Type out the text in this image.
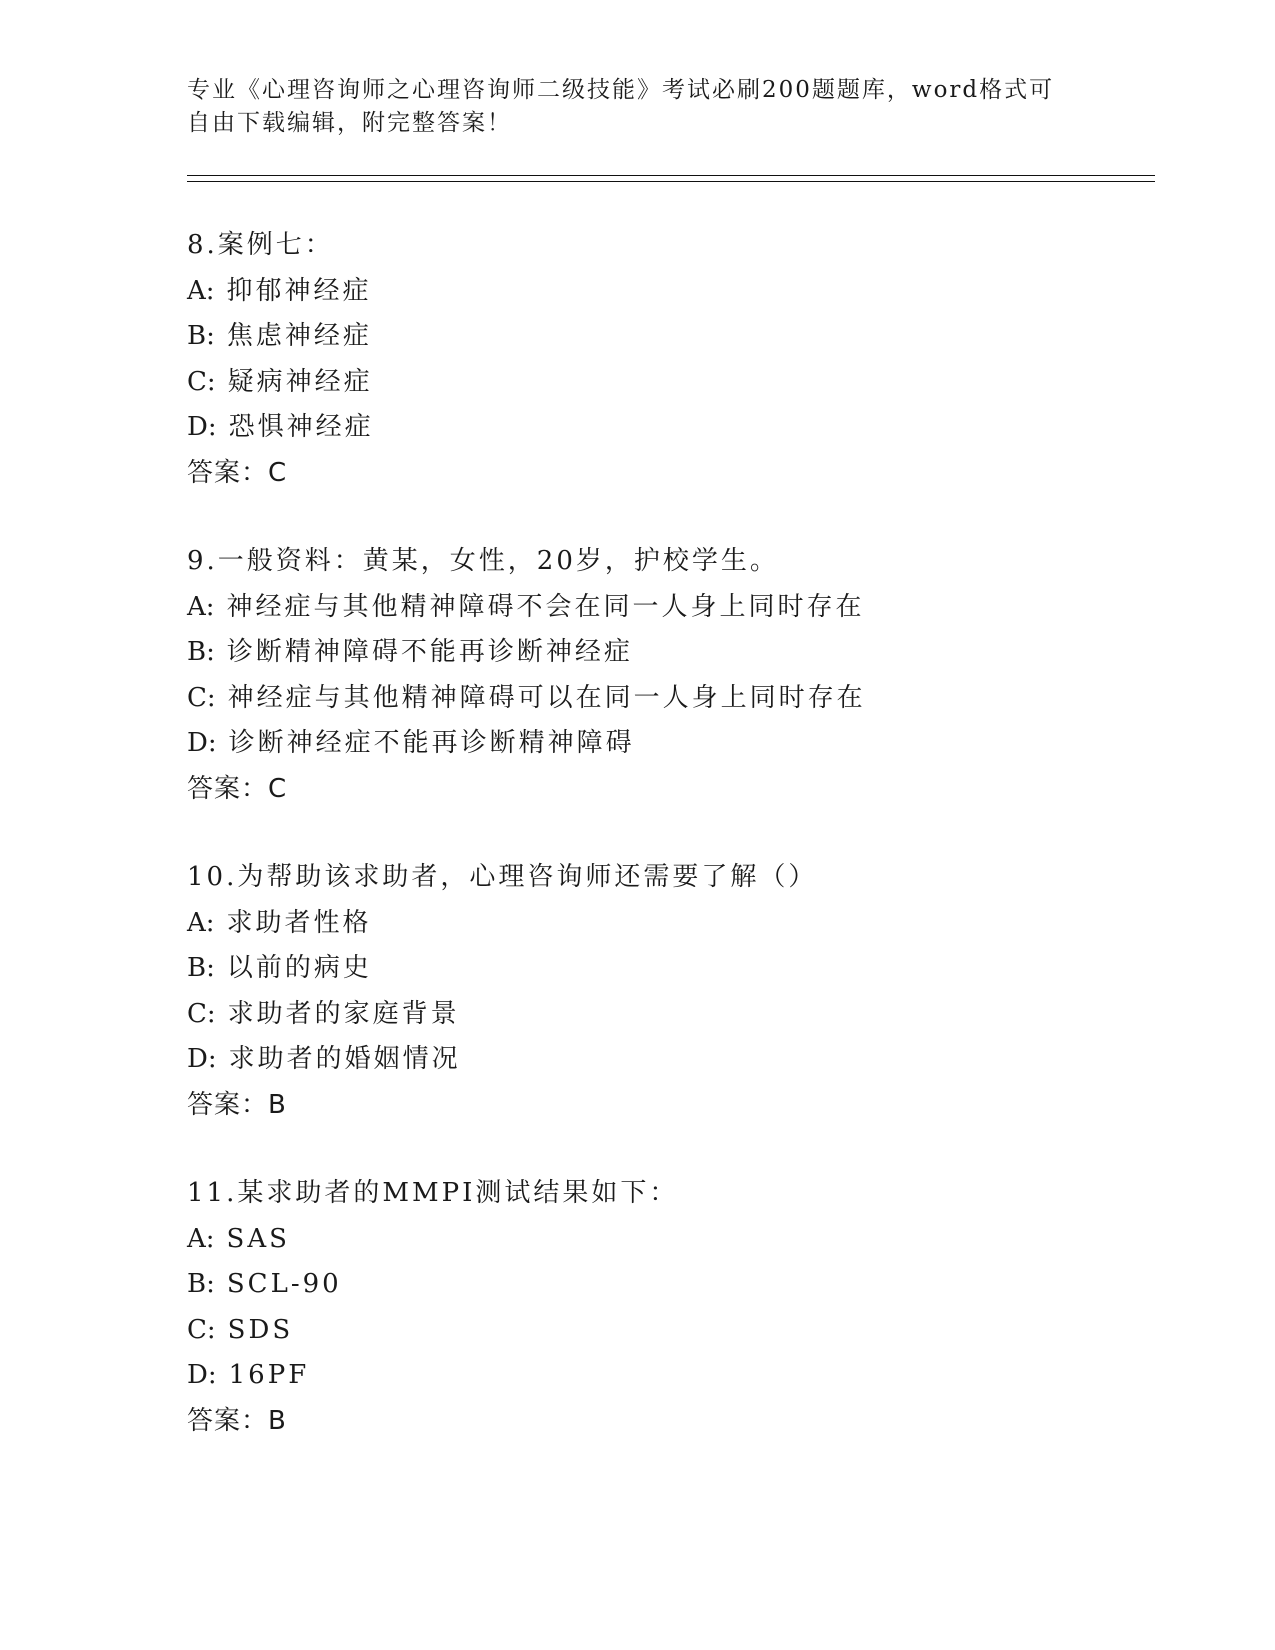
专业《心理咨询师之心理咨询师二级技能》考试必刷200题题库，word格式可自由下载编辑，附完整答案！
8.案例七：
A: 抑郁神经症
B: 焦虑神经症
C: 疑病神经症
D: 恐惧神经症
答案：C
9.一般资料：黄某，女性，20岁，护校学生。
A: 神经症与其他精神障碍不会在同一人身上同时存在
B: 诊断精神障碍不能再诊断神经症
C: 神经症与其他精神障碍可以在同一人身上同时存在
D: 诊断神经症不能再诊断精神障碍
答案：C
10.为帮助该求助者，心理咨询师还需要了解（）
A: 求助者性格
B: 以前的病史
C: 求助者的家庭背景
D: 求助者的婚姻情况
答案：B
11.某求助者的MMPI测试结果如下：
A: SAS
B: SCL-90
C: SDS
D: 16PF
答案：B
